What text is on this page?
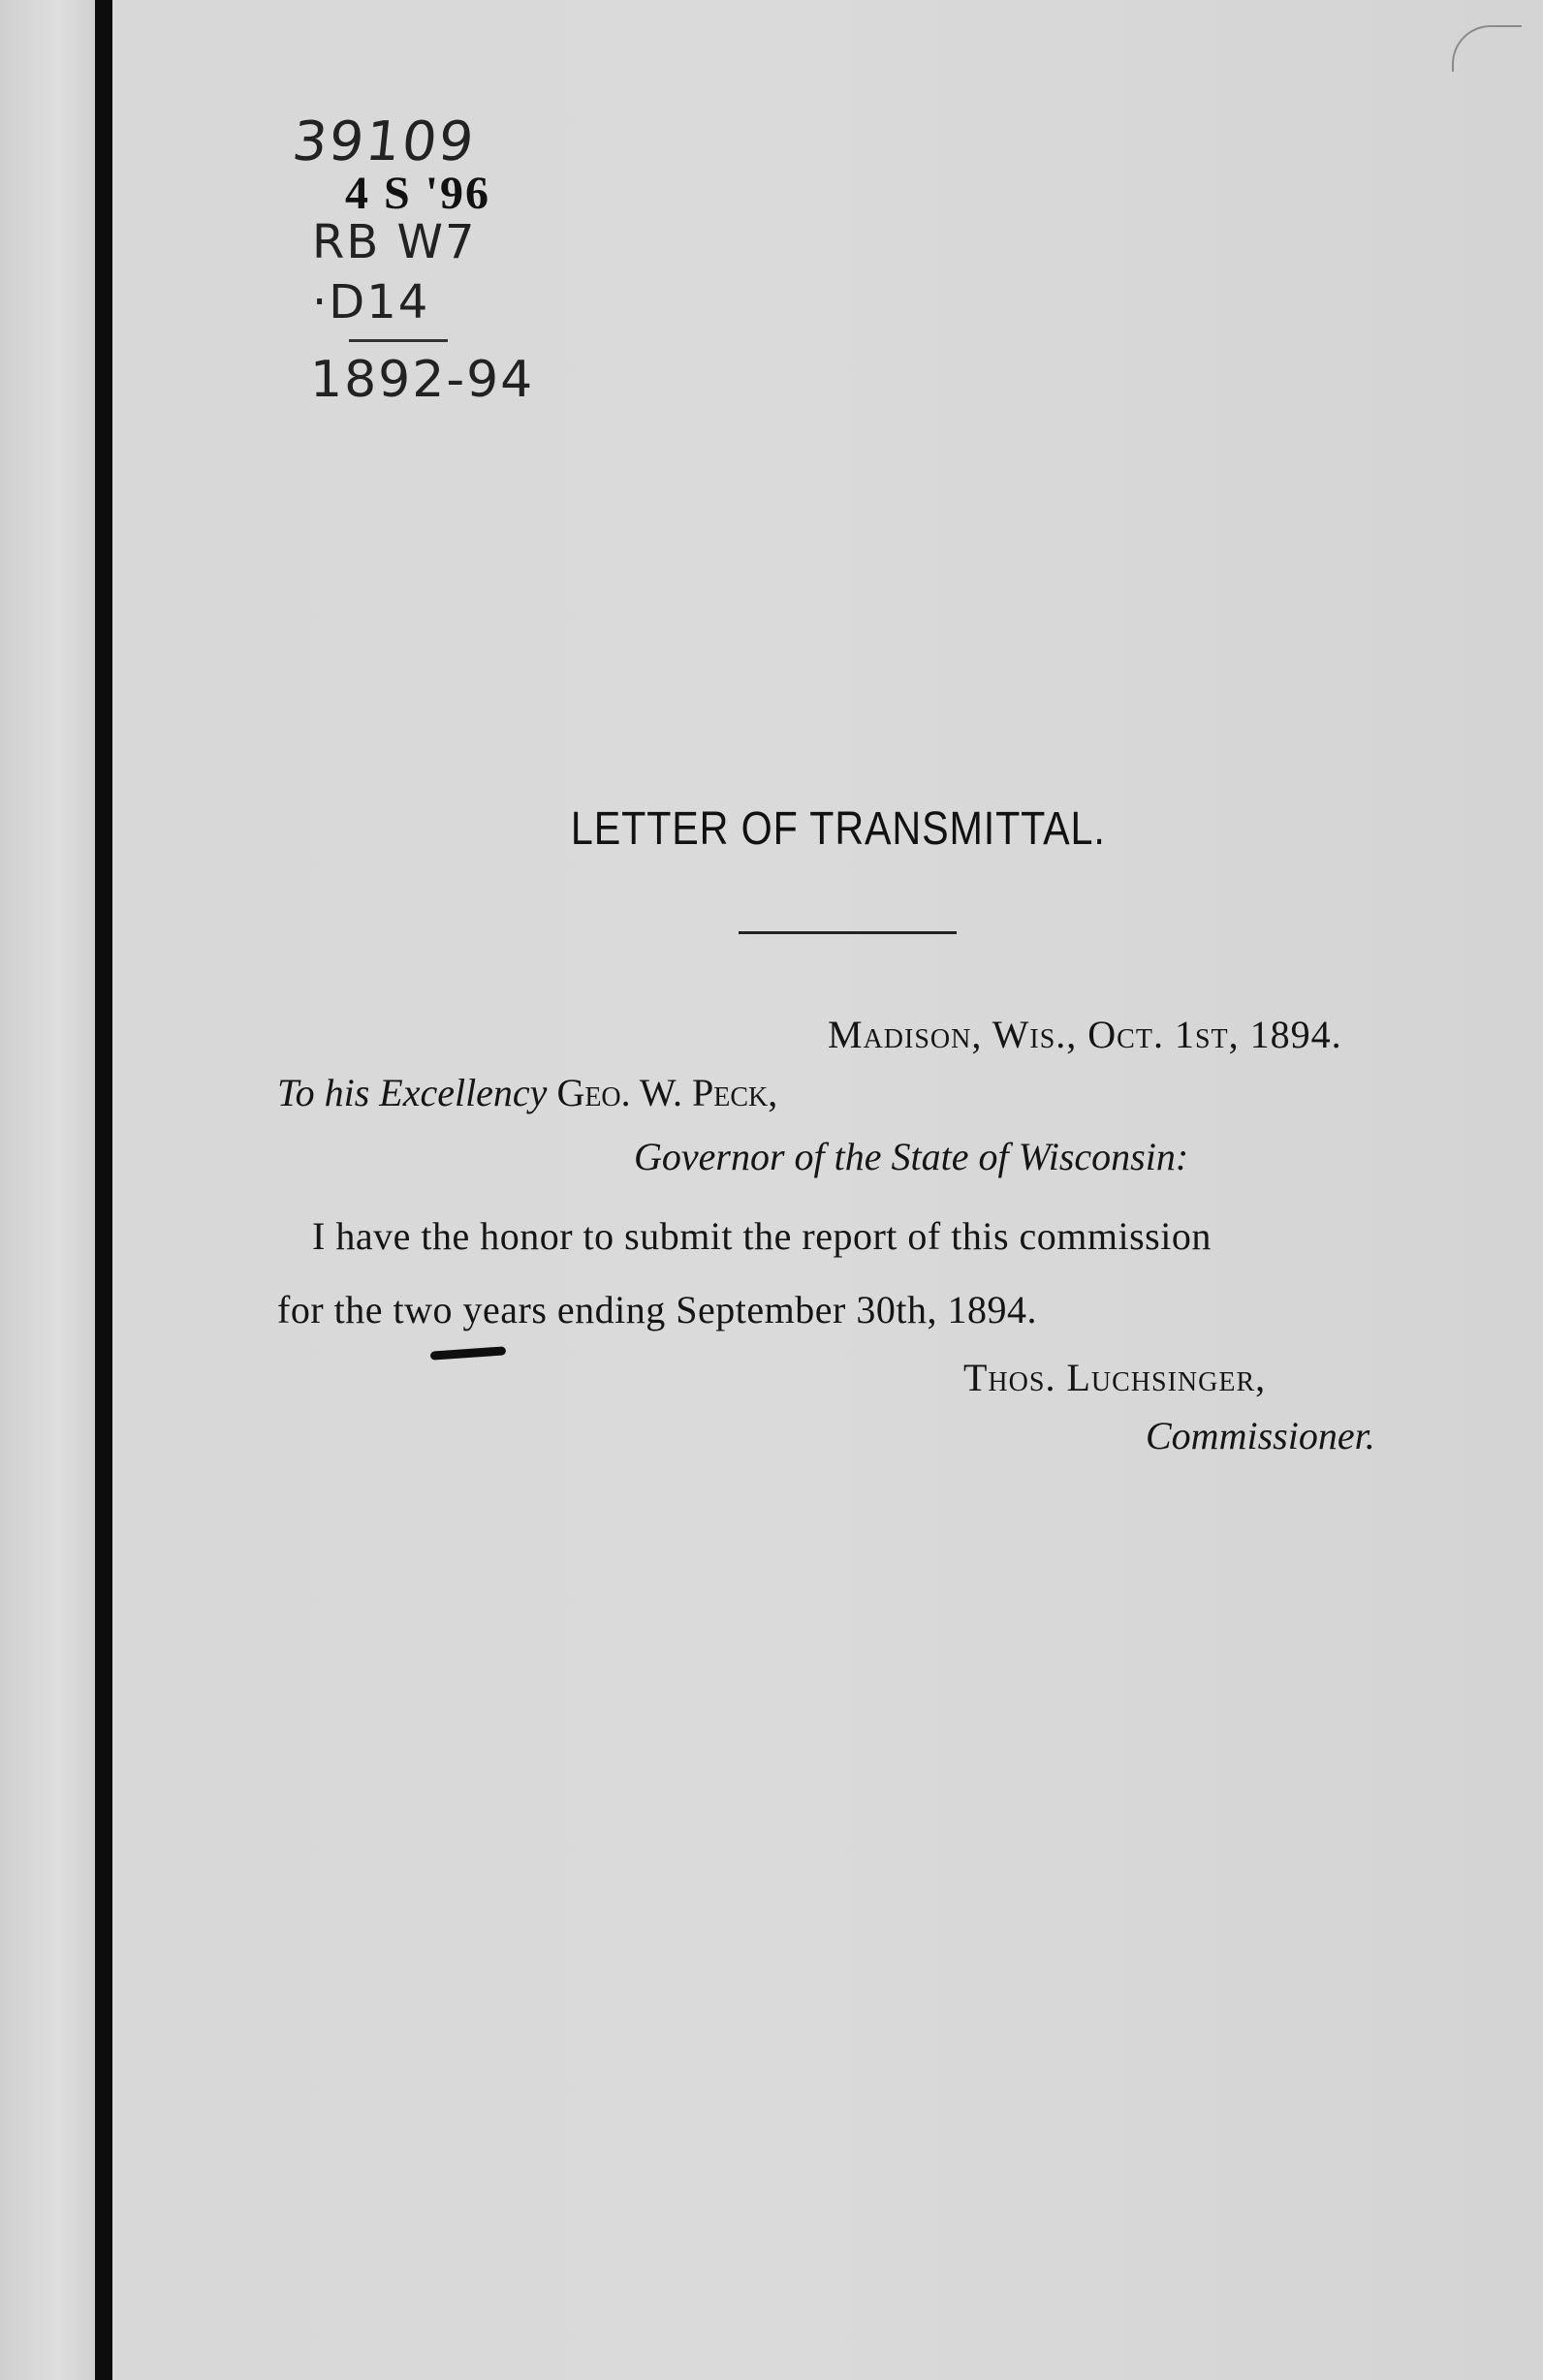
39109
4 S '96
RB W7
·D14
1892-94
LETTER OF TRANSMITTAL.
Madison, Wis., Oct. 1st, 1894.
To his Excellency Geo. W. Peck,
Governor of the State of Wisconsin:
I have the honor to submit the report of this commission
for the two years ending September 30th, 1894.
Thos. Luchsinger,
Commissioner.
